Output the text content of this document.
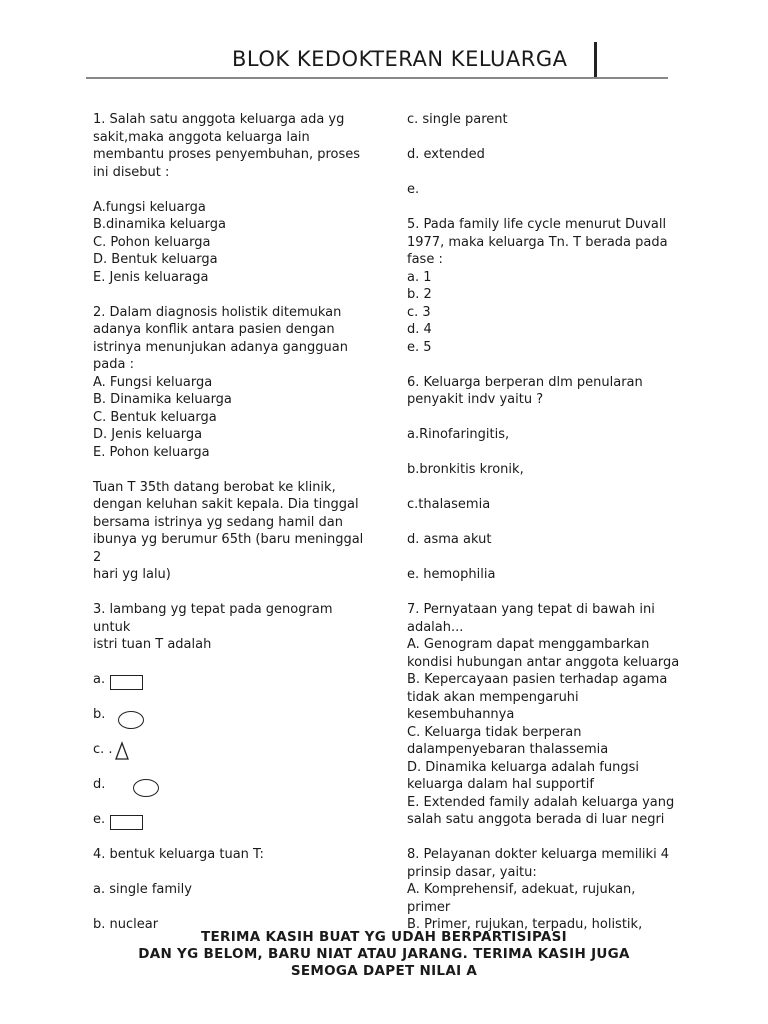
BLOK KEDOKTERAN KELUARGA

1. Salah satu anggota keluarga ada yg

sakit,maka anggota keluarga lain

membantu proses penyembuhan, proses

ini disebut :

A.fungsi keluarga

B.dinamika keluarga

C. Pohon keluarga

D. Bentuk keluarga

E. Jenis keluaraga

2. Dalam diagnosis holistik ditemukan

adanya konflik antara pasien dengan

istrinya menunjukan adanya gangguan

pada :

A. Fungsi keluarga

B. Dinamika keluarga

C. Bentuk keluarga

D. Jenis keluarga

E. Pohon keluarga

Tuan T 35th datang berobat ke klinik,

dengan keluhan sakit kepala. Dia tinggal

bersama istrinya yg sedang hamil dan

ibunya yg berumur 65th (baru meninggal 2

hari yg lalu)

3. lambang yg tepat pada genogram untuk

istri tuan T adalah

a.
b.
c. .
d.
e.

4. bentuk keluarga tuan T:

a. single family

b. nuclear

c. single parent

d. extended

e.

5. Pada family life cycle menurut Duvall

1977, maka keluarga Tn. T berada pada

fase :

a. 1

b. 2

c. 3

d. 4

e. 5

6. Keluarga berperan dlm penularan

penyakit indv yaitu ?

a.Rinofaringitis,

b.bronkitis kronik,

c.thalasemia

d. asma akut

e. hemophilia

7. Pernyataan yang tepat di bawah ini

adalah...

A. Genogram dapat menggambarkan

kondisi hubungan antar anggota keluarga

B. Kepercayaan pasien terhadap agama

tidak akan mempengaruhi

kesembuhannya

C. Keluarga tidak berperan

dalampenyebaran thalassemia

D. Dinamika keluarga adalah fungsi

keluarga dalam hal supportif

E. Extended family adalah keluarga yang

salah satu anggota berada di luar negri

8. Pelayanan dokter keluarga memiliki 4

prinsip dasar, yaitu:

A. Komprehensif, adekuat, rujukan, primer

B. Primer, rujukan, terpadu, holistik,

TERIMA KASIH BUAT YG UDAH BERPARTISIPASI
DAN YG BELOM, BARU NIAT ATAU JARANG. TERIMA KASIH JUGA
SEMOGA DAPET NILAI A
